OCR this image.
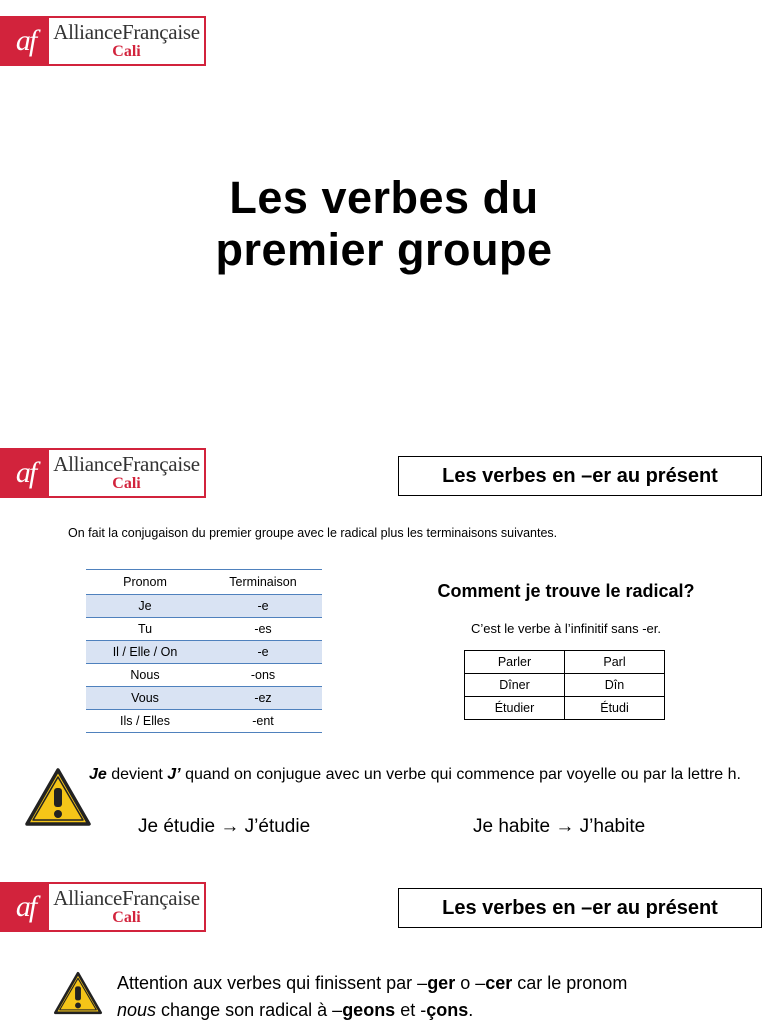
af AllianceFrançaise
Cali
Les verbes du
premier groupe
af AllianceFrançaise
Cali	Les verbes en –er au présent
On fait la conjugaison du premier groupe avec le radical plus les terminaisons suivantes.
Pronom	Terminaison
Je	-e
Tu	-es
Il / Elle / On	-e
Nous	-ons
Vous	-ez
Ils / Elles	-ent
Comment je trouve le radical?
C’est le verbe à l’infinitif sans -er.
Parler	Parl
Dîner	Dîn
Étudier	Étudi
Je devient J’ quand on conjugue avec un verbe qui commence par voyelle ou par la lettre h.
Je étudie → J’étudie	Je habite → J’habite
af AllianceFrançaise
Cali	Les verbes en –er au présent
Attention aux verbes qui finissent par –ger o –cer car le pronom
nous change son radical à –geons et -çons.
